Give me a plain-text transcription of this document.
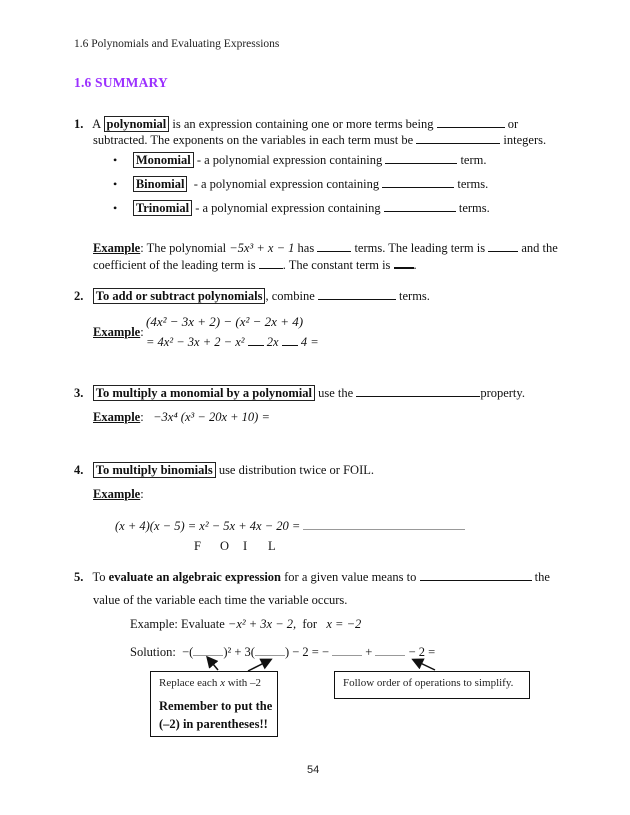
1.6 Polynomials and Evaluating Expressions
1.6 SUMMARY
1. A polynomial is an expression containing one or more terms being	or
subtracted. The exponents on the variables in each term must be	integers.
• Monomial - a polynomial expression containing	term.
• Binomial - a polynomial expression containing	terms.
• Trinomial - a polynomial expression containing	terms.
Example: The polynomial −5x³ + x − 1 has	terms. The leading term is	and the
coefficient of the leading term is . The constant term is .
2. To add or subtract polynomials , combine	terms.
Example:
(4x² − 3x + 2) − (x² − 2x + 4)
= 4x² − 3x + 2 − x² 2x 4 =
3. To multiply a monomial by a polynomial use the	property.
Example:   −3x⁴ (x³ − 20x + 10) =
4. To multiply binomials use distribution twice or FOIL.
Example:
(x + 4)(x − 5) = x² − 5x + 4x − 20 =
F O I L
5. To evaluate an algebraic expression for a given value means to	the
value of the variable each time the variable occurs.
Example: Evaluate −x² + 3x − 2, for x = −2
Solution: −( )² + 3( ) − 2 = −	+	− 2 =
Replace each x with –2
Remember to put the
(–2) in parentheses!!
Follow order of operations to simplify.
54
